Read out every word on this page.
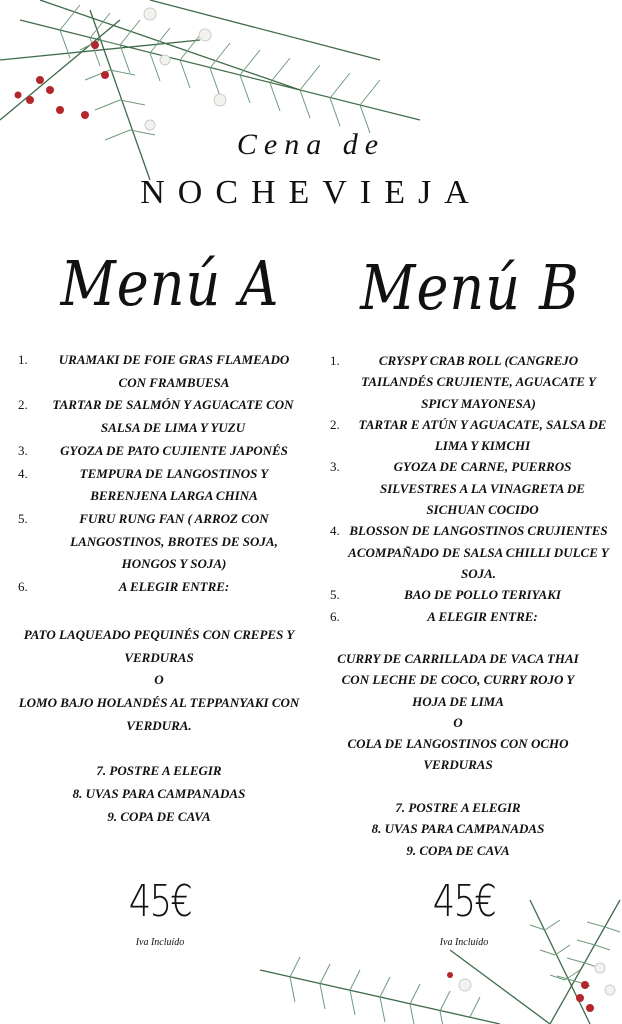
Cena de
NOCHEVIEJA
Menú A
1.	URAMAKI DE FOIE GRAS FLAMEADO CON FRAMBUESA
2.	TARTAR DE SALMÓN Y AGUACATE CON SALSA DE LIMA Y YUZU
3.	GYOZA DE PATO CUJIENTE JAPONÉS
4.	TEMPURA DE LANGOSTINOS Y BERENJENA LARGA CHINA
5.	FURU RUNG FAN ( ARROZ CON LANGOSTINOS, BROTES DE SOJA, HONGOS Y SOJA)
6.	A ELEGIR ENTRE:
PATO LAQUEADO PEQUINÉS CON CREPES Y VERDURAS
O
LOMO BAJO HOLANDÉS AL TEPPANYAKI CON VERDURA.

7. POSTRE A ELEGIR
8. UVAS PARA CAMPANADAS
9. COPA DE CAVA
45€
Iva Incluído
Menú B
1.	CRYSPY CRAB ROLL (CANGREJO TAILANDÉS CRUJIENTE, AGUACATE Y SPICY MAYONESA)
2.	TARTAR E ATÚN Y AGUACATE, SALSA DE LIMA Y KIMCHI
3.	GYOZA DE CARNE, PUERROS SILVESTRES A LA VINAGRETA DE SICHUAN COCIDO
4. BLOSSON DE LANGOSTINOS CRUJIENTES ACOMPAÑADO DE SALSA CHILLI DULCE Y SOJA.
5.	BAO DE POLLO TERIYAKI
6.	A ELEGIR ENTRE:
CURRY DE CARRILLADA DE VACA THAI CON LECHE DE COCO, CURRY ROJO Y HOJA DE LIMA
O
COLA DE LANGOSTINOS CON OCHO VERDURAS

7. POSTRE A ELEGIR
8. UVAS PARA CAMPANADAS
9. COPA DE CAVA
45€
Iva Incluído
